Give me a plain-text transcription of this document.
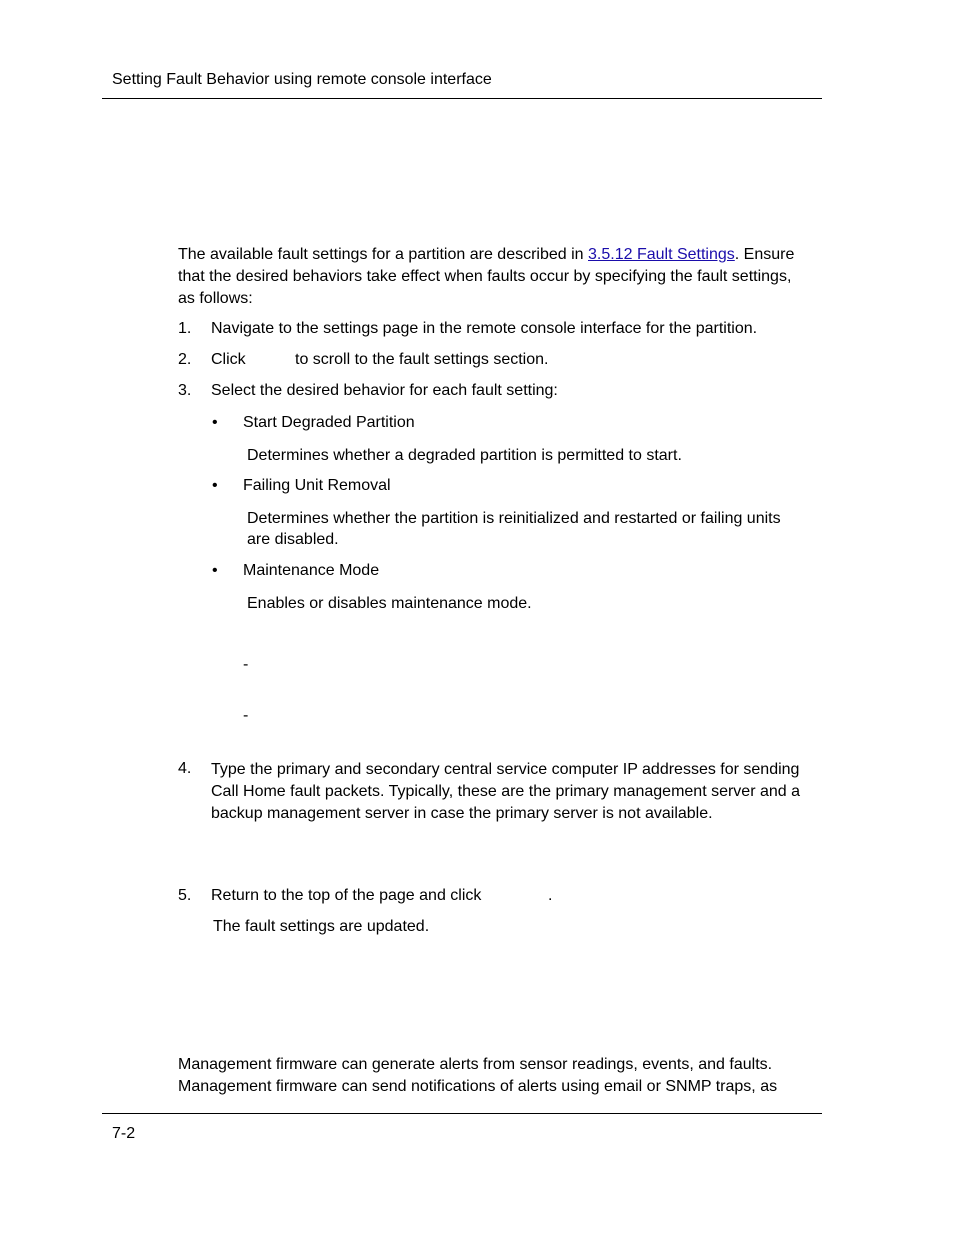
Setting Fault Behavior using remote console interface
The available fault settings for a partition are described in 3.5.12 Fault Settings. Ensure
that the desired behaviors take effect when faults occur by specifying the fault settings,
as follows:
1. Navigate to the settings page in the remote console interface for the partition.
2. Click	to scroll to the fault settings section.
3. Select the desired behavior for each fault setting:
• Start Degraded Partition
Determines whether a degraded partition is permitted to start.
• Failing Unit Removal
Determines whether the partition is reinitialized and restarted or failing units
are disabled.
• Maintenance Mode
Enables or disables maintenance mode.
-
-
4. Type the primary and secondary central service computer IP addresses for sending
Call Home fault packets. Typically, these are the primary management server and a
backup management server in case the primary server is not available.
5. Return to the top of the page and click	.
The fault settings are updated.
Management firmware can generate alerts from sensor readings, events, and faults.
Management firmware can send notifications of alerts using email or SNMP traps, as
7-2
